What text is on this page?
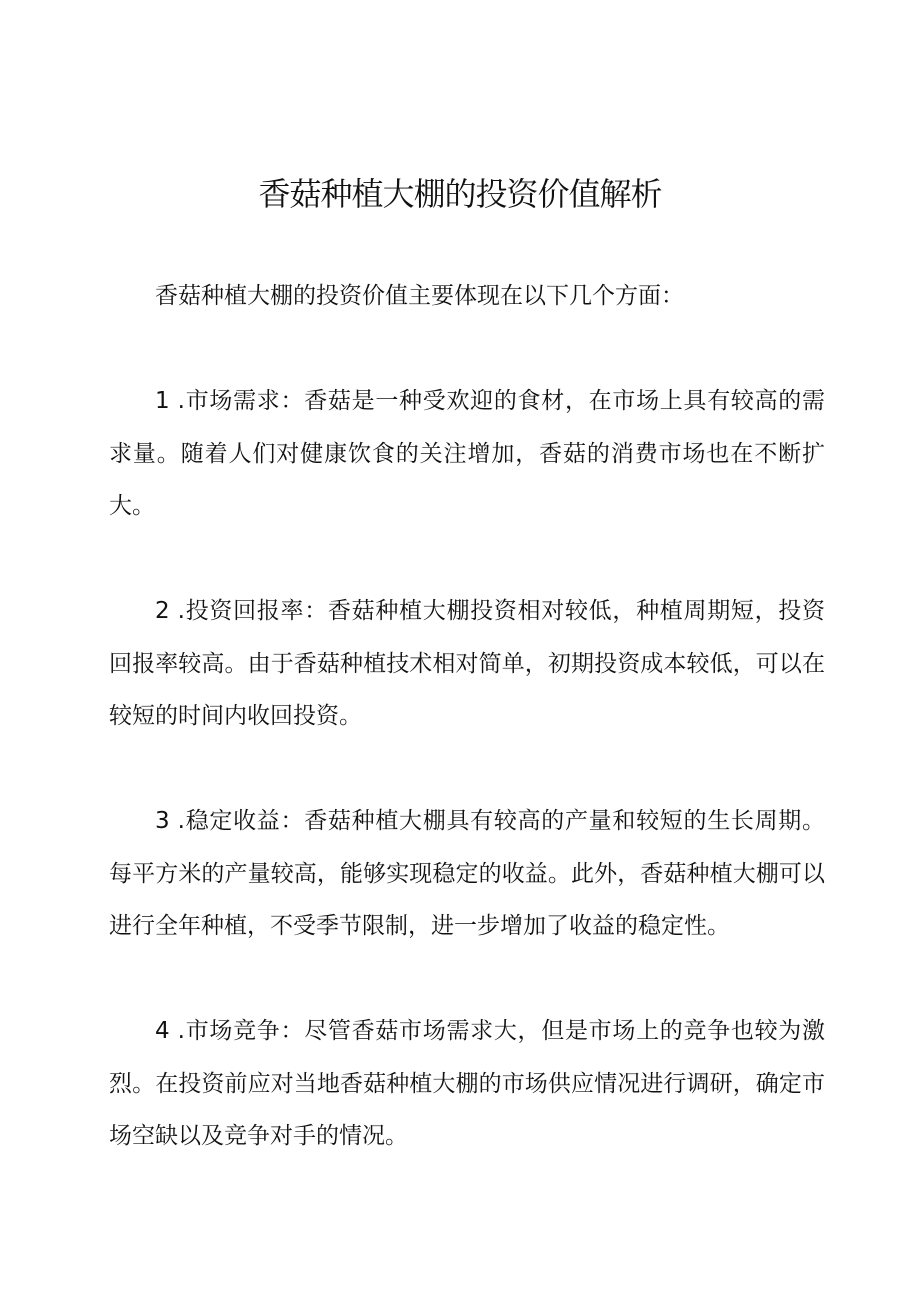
香菇种植大棚的投资价值解析

香菇种植大棚的投资价值主要体现在以下几个方面：

1 .市场需求：香菇是一种受欢迎的食材，在市场上具有较高的需求量。随着人们对健康饮食的关注增加，香菇的消费市场也在不断扩大。

2 .投资回报率：香菇种植大棚投资相对较低，种植周期短，投资回报率较高。由于香菇种植技术相对简单，初期投资成本较低，可以在较短的时间内收回投资。

3 .稳定收益：香菇种植大棚具有较高的产量和较短的生长周期。每平方米的产量较高，能够实现稳定的收益。此外，香菇种植大棚可以进行全年种植，不受季节限制，进一步增加了收益的稳定性。

4 .市场竞争：尽管香菇市场需求大，但是市场上的竞争也较为激烈。在投资前应对当地香菇种植大棚的市场供应情况进行调研，确定市场空缺以及竞争对手的情况。
